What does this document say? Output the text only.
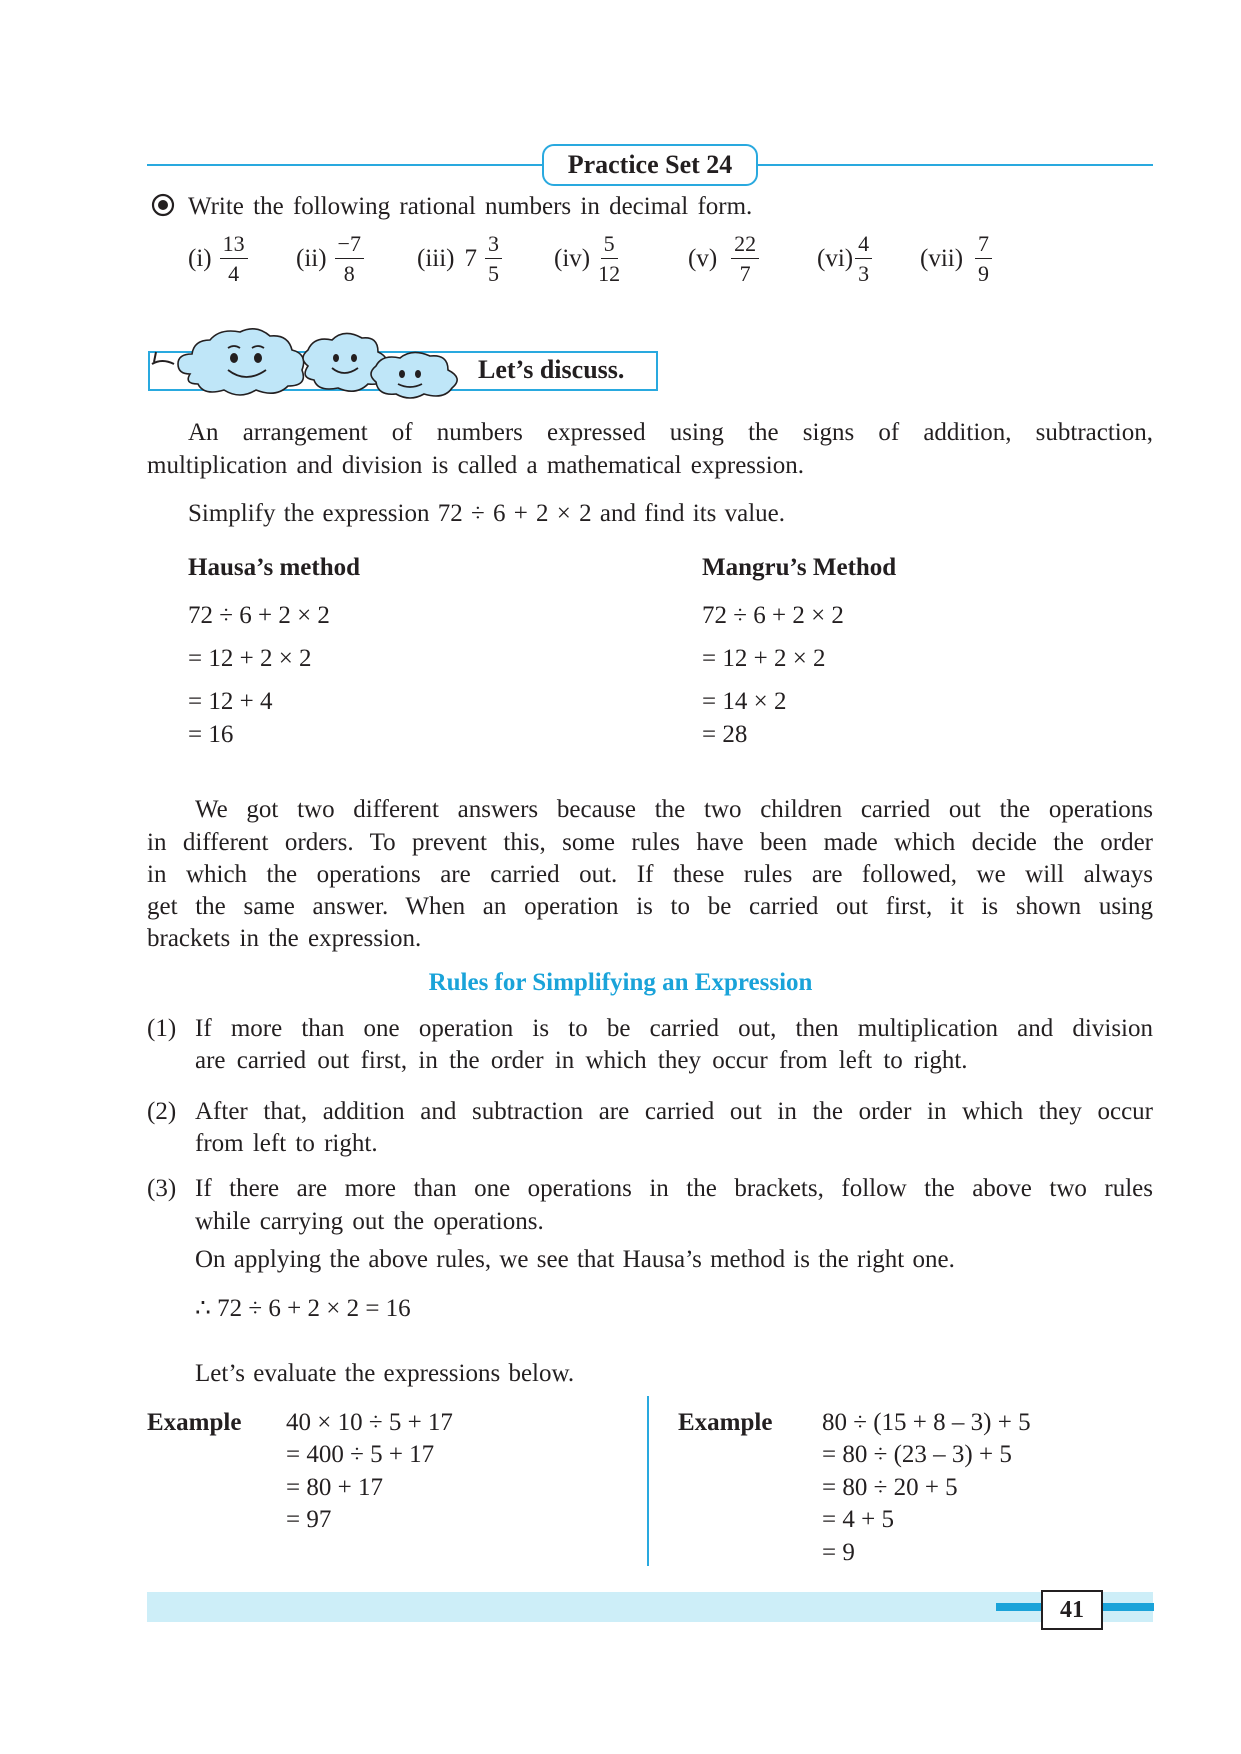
Practice Set 24
Write the following rational numbers in decimal form.
$(i) \frac{13}{4} (ii) \frac{-7}{8} (iii)$ $7 \frac{3}{5} (iv) \frac{5}{12}$	$(v) \frac{22}{7} (vi) \frac{4}{3} (vii) \frac{7}{9}$
Let’s discuss.
An arrangement of numbers expressed using the signs of addition, subtraction,
multiplication and division is called a mathematical expression.
Simplify the expression 72 ÷ 6 + 2 × 2 and find its value.
Hausa’s method
72 ÷ 6 + 2 × 2
= 12 + 2 × 2
= 12 + 4
= 16
Mangru’s Method
72 ÷ 6 + 2 × 2
= 12 + 2 × 2
= 14 × 2
= 28
We got two different answers because the two children carried out the operations
in different orders. To prevent this, some rules have been made which decide the order
in which the operations are carried out. If these rules are followed, we will always
get the same answer. When an operation is to be carried out first, it is shown using
brackets in the expression.
Rules for Simplifying an Expression
(1) If more than one operation is to be carried out, then multiplication and division
are carried out first, in the order in which they occur from left to right.
(2) After that, addition and subtraction are carried out in the order in which they occur
from left to right.
(3) If there are more than one operations in the brackets, follow the above two rules
while carrying out the operations.
On applying the above rules, we see that Hausa’s method is the right one.
∴ 72 ÷ 6 + 2 × 2 = 16
Let’s evaluate the expressions below.
Example 40 × 10 ÷ 5 + 17
= 400 ÷ 5 + 17
= 80 + 17
= 97
Example 80 ÷ (15 + 8 – 3) + 5
= 80 ÷ (23 – 3) + 5
= 80 ÷ 20 + 5
= 4 + 5
= 9
41
